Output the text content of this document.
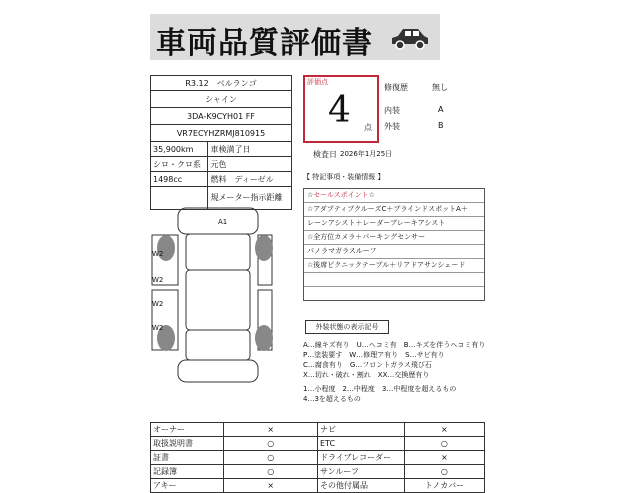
車両品質評価書
R3.12　 ベルランゴ	
シャイン	
3DA-K9CYH01 FF	
VR7ECYHZRMJ810915	
35,900km	車検満了日
シロ・クロ系	元色
1498cc	燃料　 ディーゼル
	規メーター指示距離
評価点
4 点
修復歴	無し
内装	A
外装	B
検査日 2026年1月25日
【 特記事項・装備情報 】
☆セールスポイント☆
☆アダプティブクルーズC＋ブラインドスポットA＋
レーンアシスト＋レーダーブレーキアシスト
☆全方位カメラ＋パーキングセンサー
パノラマガラスルーフ
☆後席ピクニックテーブル＋リアドアサンシェード
A1
W2
W2
W2
W2	外装状態の表示記号
A…線キズ有り　U…ヘコミ有　B…キズを伴うヘコミ有り
P…塗装要す　W…修理ア有り　S…サビ有り
C…腐食有り　G…フロントガラス飛び石
X…切れ・破れ・割れ　XX…交換歴有り
1…小程度　2…中程度　3…中程度を超えるもの
4…3を超えるもの
オーナー	×	ナビ	×
取扱説明書	○	ETC	○
証書	○	ドライブレコーダー	×
記録簿	○	サンルーフ	○
アキー	×	その他付属品	トノカバー
